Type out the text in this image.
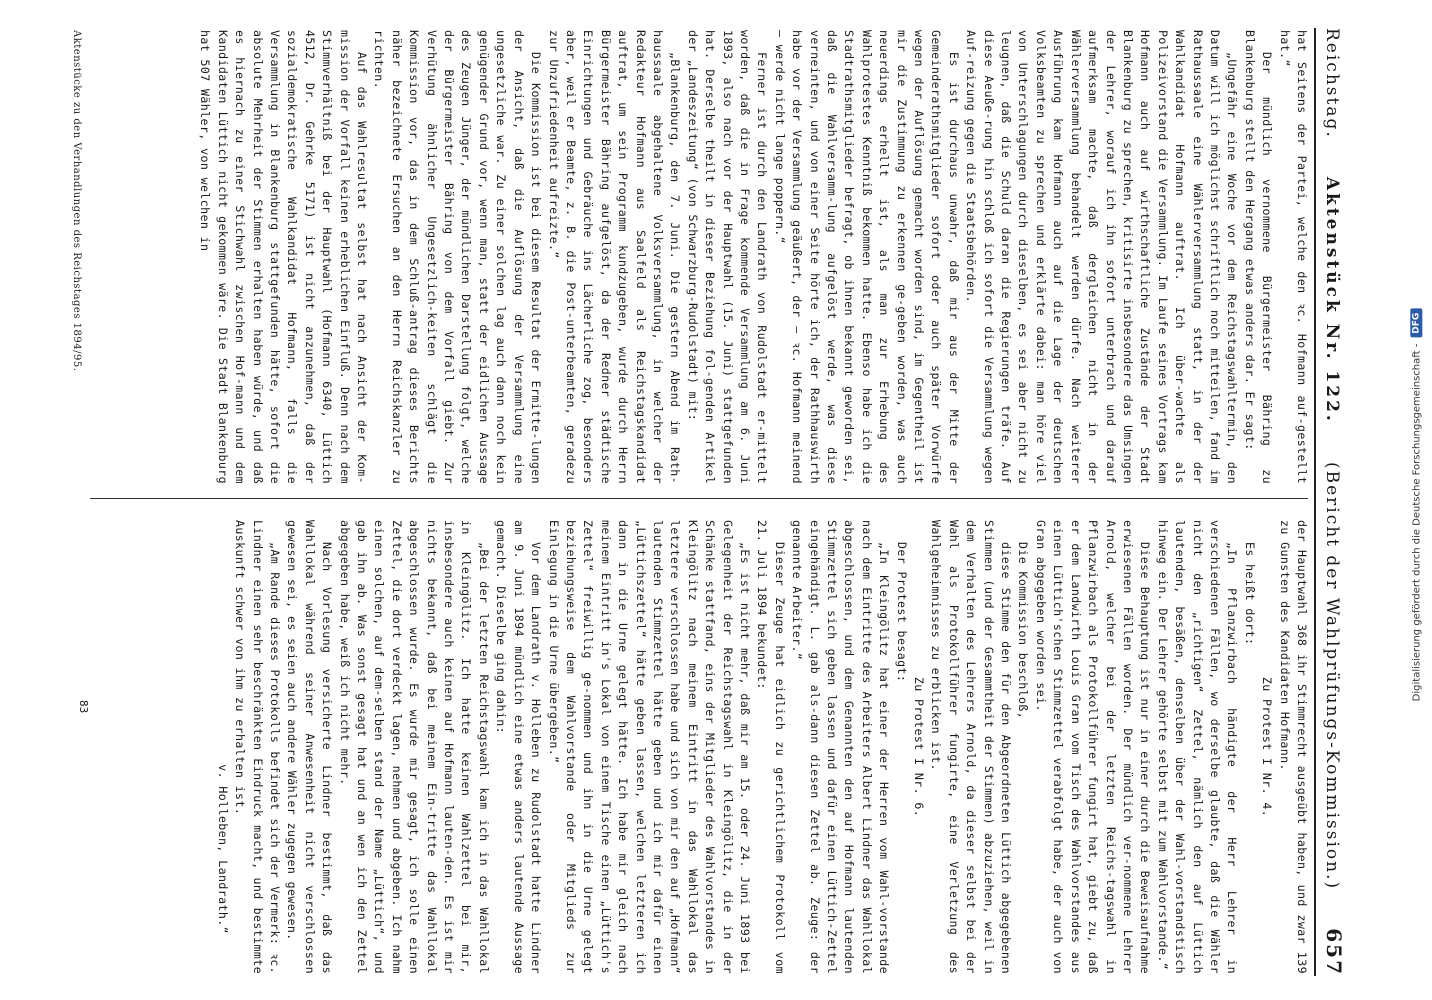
Reichstag.
Aktenstück Nr. 122.
(Bericht der Wahlprüfungs-Kommission.)
657

hat Seitens der Partei, welche den ꝛc. Hofmann auf-gestellt hat.“

Der mündlich vernommene Bürgermeister Bähring zu Blankenburg stellt den Hergang etwas anders dar. Er sagt:

„Ungefähr eine Woche vor dem Reichstagswahltermin, den Datum will ich möglichst schriftlich noch mitteilen, fand im Rathaussaale eine Wählerversammlung statt, in der der Wahlkandidat Hofmann auftrat. Ich über-wachte als Polizeivorstand die Versammlung. Im Laufe seines Vortrags kam Hofmann auch auf wirthschaftliche Zustände der Stadt Blankenburg zu sprechen, kritisirte insbesondere das Umsingen der Lehrer, worauf ich ihn sofort unterbrach und darauf aufmerksam machte, daß dergleichen nicht in der Wählerversammlung behandelt werden dürfe. Nach weiterer Ausführung kam Hofmann auch auf die Lage der deutschen Volksbeamten zu sprechen und erklärte dabei: man höre viel von Unterschlagungen durch dieselben, es sei aber nicht zu leugnen, daß die Schuld daran die Regierungen träfe. Auf diese Aeuße-rung hin schloß ich sofort die Versammlung wegen Auf-reizung gegen die Staatsbehörden.

Es ist durchaus unwahr, daß mir aus der Mitte der Gemeinderathsmitglieder sofort oder auch später Vorwürfe wegen der Auflösung gemacht worden sind, im Gegentheil ist mir die Zustimmung zu erkennen ge-geben worden, was auch neuerdings erhellt ist, als man zur Erhebung des Wahlprotestes Kenntniß bekommen hatte. Ebenso habe ich die Stadtrathsmitglieder befragt, ob ihnen bekannt geworden sei, daß die Wahlversamm-lung aufgelöst werde, was diese verneinten, und von einer Seite hörte ich, der Rathhauswirth habe vor der Versammlung geäußert, der — ꝛc. Hofmann meinend — werde nicht lange poppern.“

Ferner ist durch den Landrath von Rudolstadt er-mittelt worden, daß die in Frage kommende Versammlung am 6. Juni 1893, also nach vor der Hauptwahl (15. Juni) stattgefunden hat. Derselbe theilt in dieser Beziehung fol-genden Artikel der „Landeszeitung“ (von Schwarzburg-Rudolstadt) mit:

„Blankenburg, den 7. Juni. Die gestern Abend im Rath-haussaale abgehaltene Volksversammlung, in welcher der Redakteur Hofmann aus Saalfeld als Reichstagskandidat auftrat, um sein Programm kundzugeben, wurde durch Herrn Bürgermeister Bähring aufgelöst, da der Redner städtische Einrichtungen und Gebräuche ins Lächerliche zog, besonders aber, weil er Beamte, z. B. die Post-unterbeamten, geradezu zur Unzufriedenheit aufreizte.“

Die Kommission ist bei diesem Resultat der Ermitte-lungen der Ansicht, daß die Auflösung der Versammlung eine ungesetzliche war. Zu einer solchen lag auch dann noch kein genügender Grund vor, wenn man, statt der eidlichen Aussage des Zeugen Jünger, der mündlichen Darstellung folgt, welche der Bürgermeister Bähring von dem Vorfall giebt. Zur Verhütung ähnlicher Ungesetzlich-keiten schlägt die Kommission vor, das in dem Schluß-antrag dieses Berichts näher bezeichnete Ersuchen an den Herrn Reichskanzler zu richten.

Auf das Wahlresultat selbst hat nach Ansicht der Kom-mission der Vorfall keinen erheblichen Einfluß. Denn nach dem Stimmverhältniß bei der Hauptwahl (Hofmann 6340, Lüttich 4512, Dr. Gehrke 5171) ist nicht anzunehmen, daß der sozialdemokratische Wahlkandidat Hofmann, falls die Versammlung in Blankenburg stattgefunden hätte, sofort die absolute Mehrheit der Stimmen erhalten haben würde, und daß es hiernach zu einer Stichwahl zwischen Hof-mann und dem Kandidaten Lüttich nicht gekommen wäre. Die Stadt Blankenburg hat 507 Wähler, von welchen in

der Hauptwahl 368 ihr Stimmrecht ausgeübt haben, und zwar 139 zu Gunsten des Kandidaten Hofmann.

Zu Protest I Nr. 4.

Es heißt dort:

„In Pflanzwirbach händigte der Herr Lehrer in verschiedenen Fällen, wo derselbe glaubte, daß die Wähler nicht den „richtigen“ Zettel, nämlich den auf Lüttich lautenden, besäßen, denselben über der Wahl-vorstandstisch hinweg ein. Der Lehrer gehörte selbst mit zum Wahlvorstande.“

Diese Behauptung ist nur in einer durch die Beweisaufnahme erwiesenen Fällen worden. Der mündlich ver-nommene Lehrer Arnold, welcher bei der letzten Reichs-tagswahl in Pflanzwirbach als Protokollführer fungirt hat, giebt zu, daß er dem Landwirth Louis Gran vom Tisch des Wahlvorstandes aus einen Lüttich'schen Stimmzettel verabfolgt habe, der auch von Gran abgegeben worden sei.

Die Kommission beschloß,

diese Stimme den für den Abgeordneten Lüttich abgegebenen Stimmen (und der Gesammtheit der Stimmen) abzuziehen, weil in dem Verhalten des Lehrers Arnold, da dieser selbst bei der Wahl als Protokollführer fungirte, eine Verletzung des Wahlgeheimnisses zu erblicken ist.

Zu Protest I Nr. 6.

Der Protest besagt:

„In Kleingölitz hat einer der Herren vom Wahl-vorstande nach dem Eintritte des Arbeiters Albert Lindner das Wahllokal abgeschlossen, und dem Genannten den auf Hofmann lautenden Stimmzettel sich geben lassen und dafür einen Lüttich-Zettel eingehändigt. L. gab als-dann diesen Zettel ab. Zeuge: der genannte Arbeiter.“

Dieser Zeuge hat eidlich zu gerichtlichem Protokoll vom 21. Juli 1894 bekundet:

„Es ist nicht mehr, daß mir am 15. oder 24. Juni 1893 bei Gelegenheit der Reichstagswahl in Kleingölitz, die in der Schänke stattfand, eins der Mitglieder des Wahlvorstandes in Kleingölitz nach meinem Eintritt in das Wahllokal das letztere verschlossen habe und sich von mir den auf „Hofmann“ lautenden Stimmzettel hätte geben und ich mir dafür einen „Lüttichszettel“ hätte geben lassen, welchen letzteren ich dann in die Urne gelegt hätte. Ich habe mir gleich nach meinem Eintritt in's Lokal von einem Tische einen „Lüttich's Zettel“ freiwillig ge-nommen und ihn in die Urne gelegt beziehungsweise dem Wahlvorstande oder Mitglieds zur Einlegung in die Urne übergeben.“

Vor dem Landrath v. Holleben zu Rudolstadt hatte Lindner am 9. Juni 1894 mündlich eine etwas anders lautende Aussage gemacht. Dieselbe ging dahin:

„Bei der letzten Reichstagswahl kam ich in das Wahllokal in Kleingölitz. Ich hatte keinen Wahlzettel bei mir, insbesondere auch keinen auf Hofmann lauten-den. Es ist mir nichts bekannt, daß bei meinem Ein-tritte das Wahllokal abgeschlossen wurde. Es wurde mir gesagt, ich solle einen Zettel, die dort verdeckt lagen, nehmen und abgeben. Ich nahm einen solchen, auf dem-selben stand der Name „Lüttich“, und gab ihn ab. Was sonst gesagt hat und an wen ich den Zettel abgegeben habe, weiß ich nicht mehr.

Nach Vorlesung versicherte Lindner bestimmt, daß das Wahllokal während seiner Anwesenheit nicht verschlossen gewesen sei, es seien auch andere Wähler zugegen gewesen.

„Am Rande dieses Protokolls befindet sich der Vermerk: ꝛc. Lindner einen sehr beschränkten Eindruck macht, und bestimmte Auskunft schwer von ihm zu erhalten ist.

v. Holleben, Landrath.“

Aktenstücke zu den Verhandlungen des Reichstages 1894/95.
83
Digitalisierung gefördert durch die Deutsche Forschungsgemeinschaft -
DFG
